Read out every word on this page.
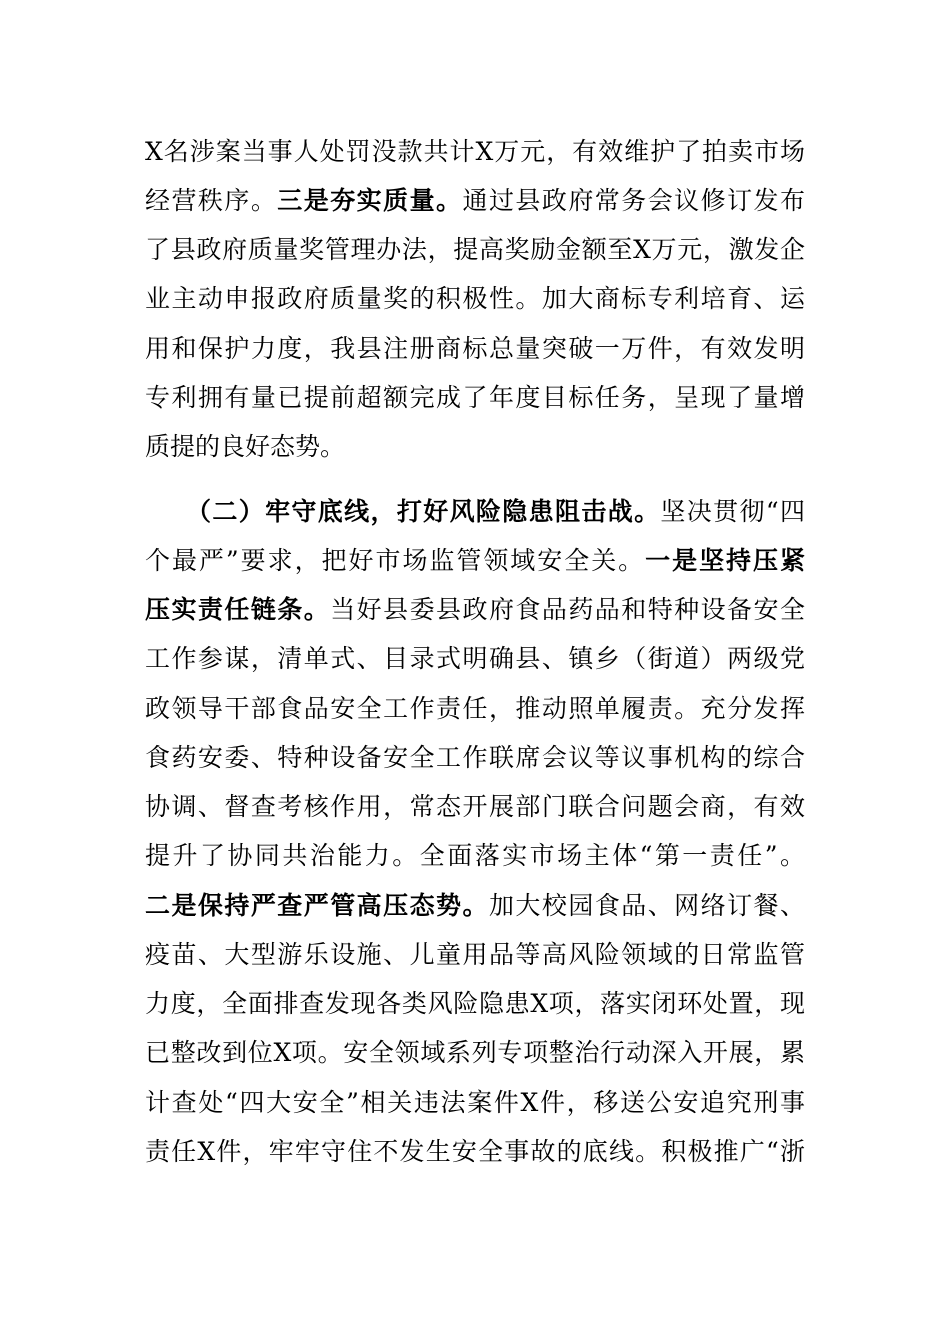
X名涉案当事人处罚没款共计X万元，有效维护了拍卖市场
经营秩序。三是夯实质量。通过县政府常务会议修订发布
了县政府质量奖管理办法，提高奖励金额至X万元，激发企
业主动申报政府质量奖的积极性。加大商标专利培育、运
用和保护力度，我县注册商标总量突破一万件，有效发明
专利拥有量已提前超额完成了年度目标任务，呈现了量增
质提的良好态势。
（二）牢守底线，打好风险隐患阻击战。坚决贯彻“四
个最严”要求，把好市场监管领域安全关。一是坚持压紧
压实责任链条。当好县委县政府食品药品和特种设备安全
工作参谋，清单式、目录式明确县、镇乡（街道）两级党
政领导干部食品安全工作责任，推动照单履责。充分发挥
食药安委、特种设备安全工作联席会议等议事机构的综合
协调、督查考核作用，常态开展部门联合问题会商，有效
提升了协同共治能力。全面落实市场主体“第一责任”。
二是保持严查严管高压态势。加大校园食品、网络订餐、
疫苗、大型游乐设施、儿童用品等高风险领域的日常监管
力度，全面排查发现各类风险隐患X项，落实闭环处置，现
已整改到位X项。安全领域系列专项整治行动深入开展，累
计查处“四大安全”相关违法案件X件，移送公安追究刑事
责任X件，牢牢守住不发生安全事故的底线。积极推广“浙
